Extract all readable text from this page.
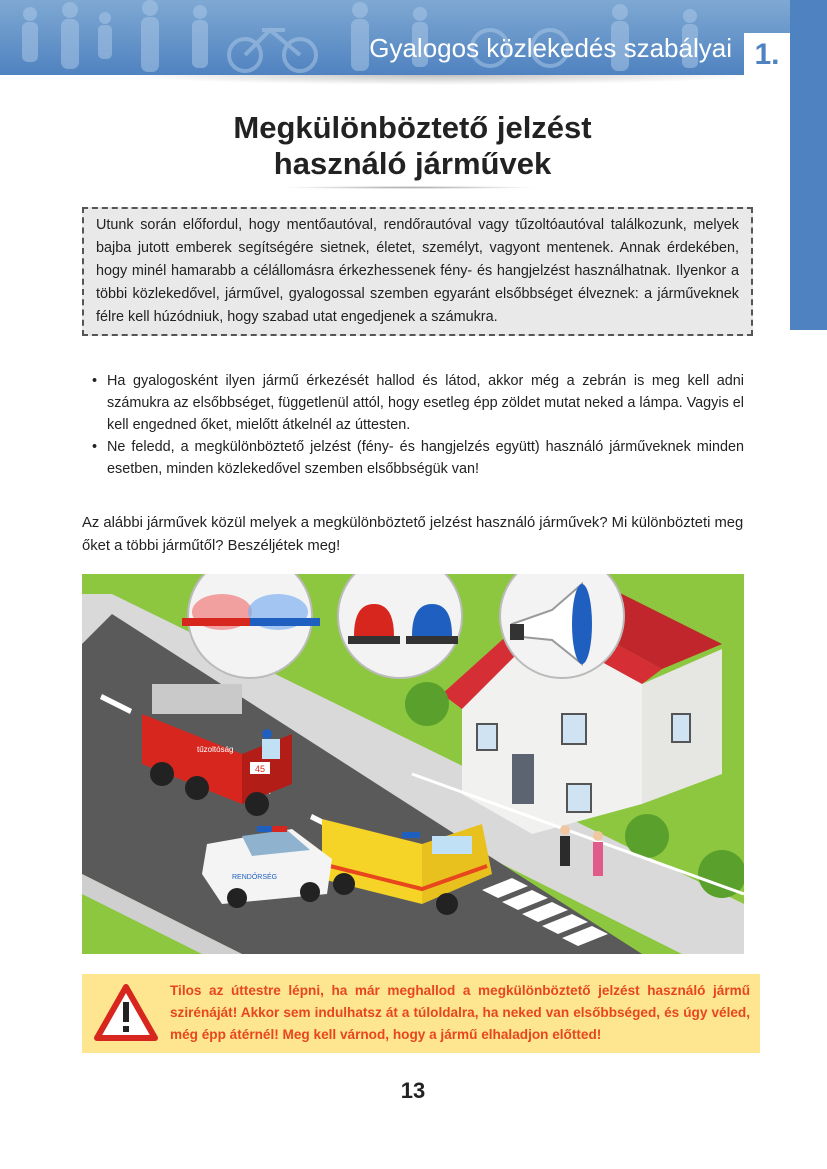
Gyalogos közlekedés szabályai 1.
Megkülönböztető jelzést
használó járművek
Utunk során előfordul, hogy mentőautóval, rendőrautóval vagy tűzoltóautóval találkozunk, melyek bajba jutott emberek segítségére sietnek, életet, személyt, vagyont mentenek. Annak érdekében, hogy minél hamarabb a célállomásra érkezhessenek fény- és hangjelzést használhatnak. Ilyenkor a többi közlekedővel, járművel, gyalogossal szemben egyaránt elsőbbséget élveznek: a járműveknek félre kell húzódniuk, hogy szabad utat engedjenek a számukra.
• Ha gyalogosként ilyen jármű érkezését hallod és látod, akkor még a zebrán is meg kell adni számukra az elsőbbséget, függetlenül attól, hogy esetleg épp zöldet mutat neked a lámpa. Vagyis el kell engedned őket, mielőtt átkelnél az úttesten.
• Ne feledd, a megkülönböztető jelzést (fény- és hangjelzés együtt) használó járműveknek minden esetben, minden közlekedővel szemben elsőbbségük van!
Az alábbi járművek közül melyek a megkülönböztető jelzést használó járművek? Mi különbözteti meg őket a többi járműtől? Beszéljétek meg!
45
tűzoltóság
RENDŐRSÉG
Tilos az úttestre lépni, ha már meghallod a megkülönböztető jelzést használó jármű szirénáját! Akkor sem indulhatsz át a túloldalra, ha neked van elsőbbséged, és úgy véled, még épp átérnél! Meg kell várnod, hogy a jármű elhaladjon előtted!
13
